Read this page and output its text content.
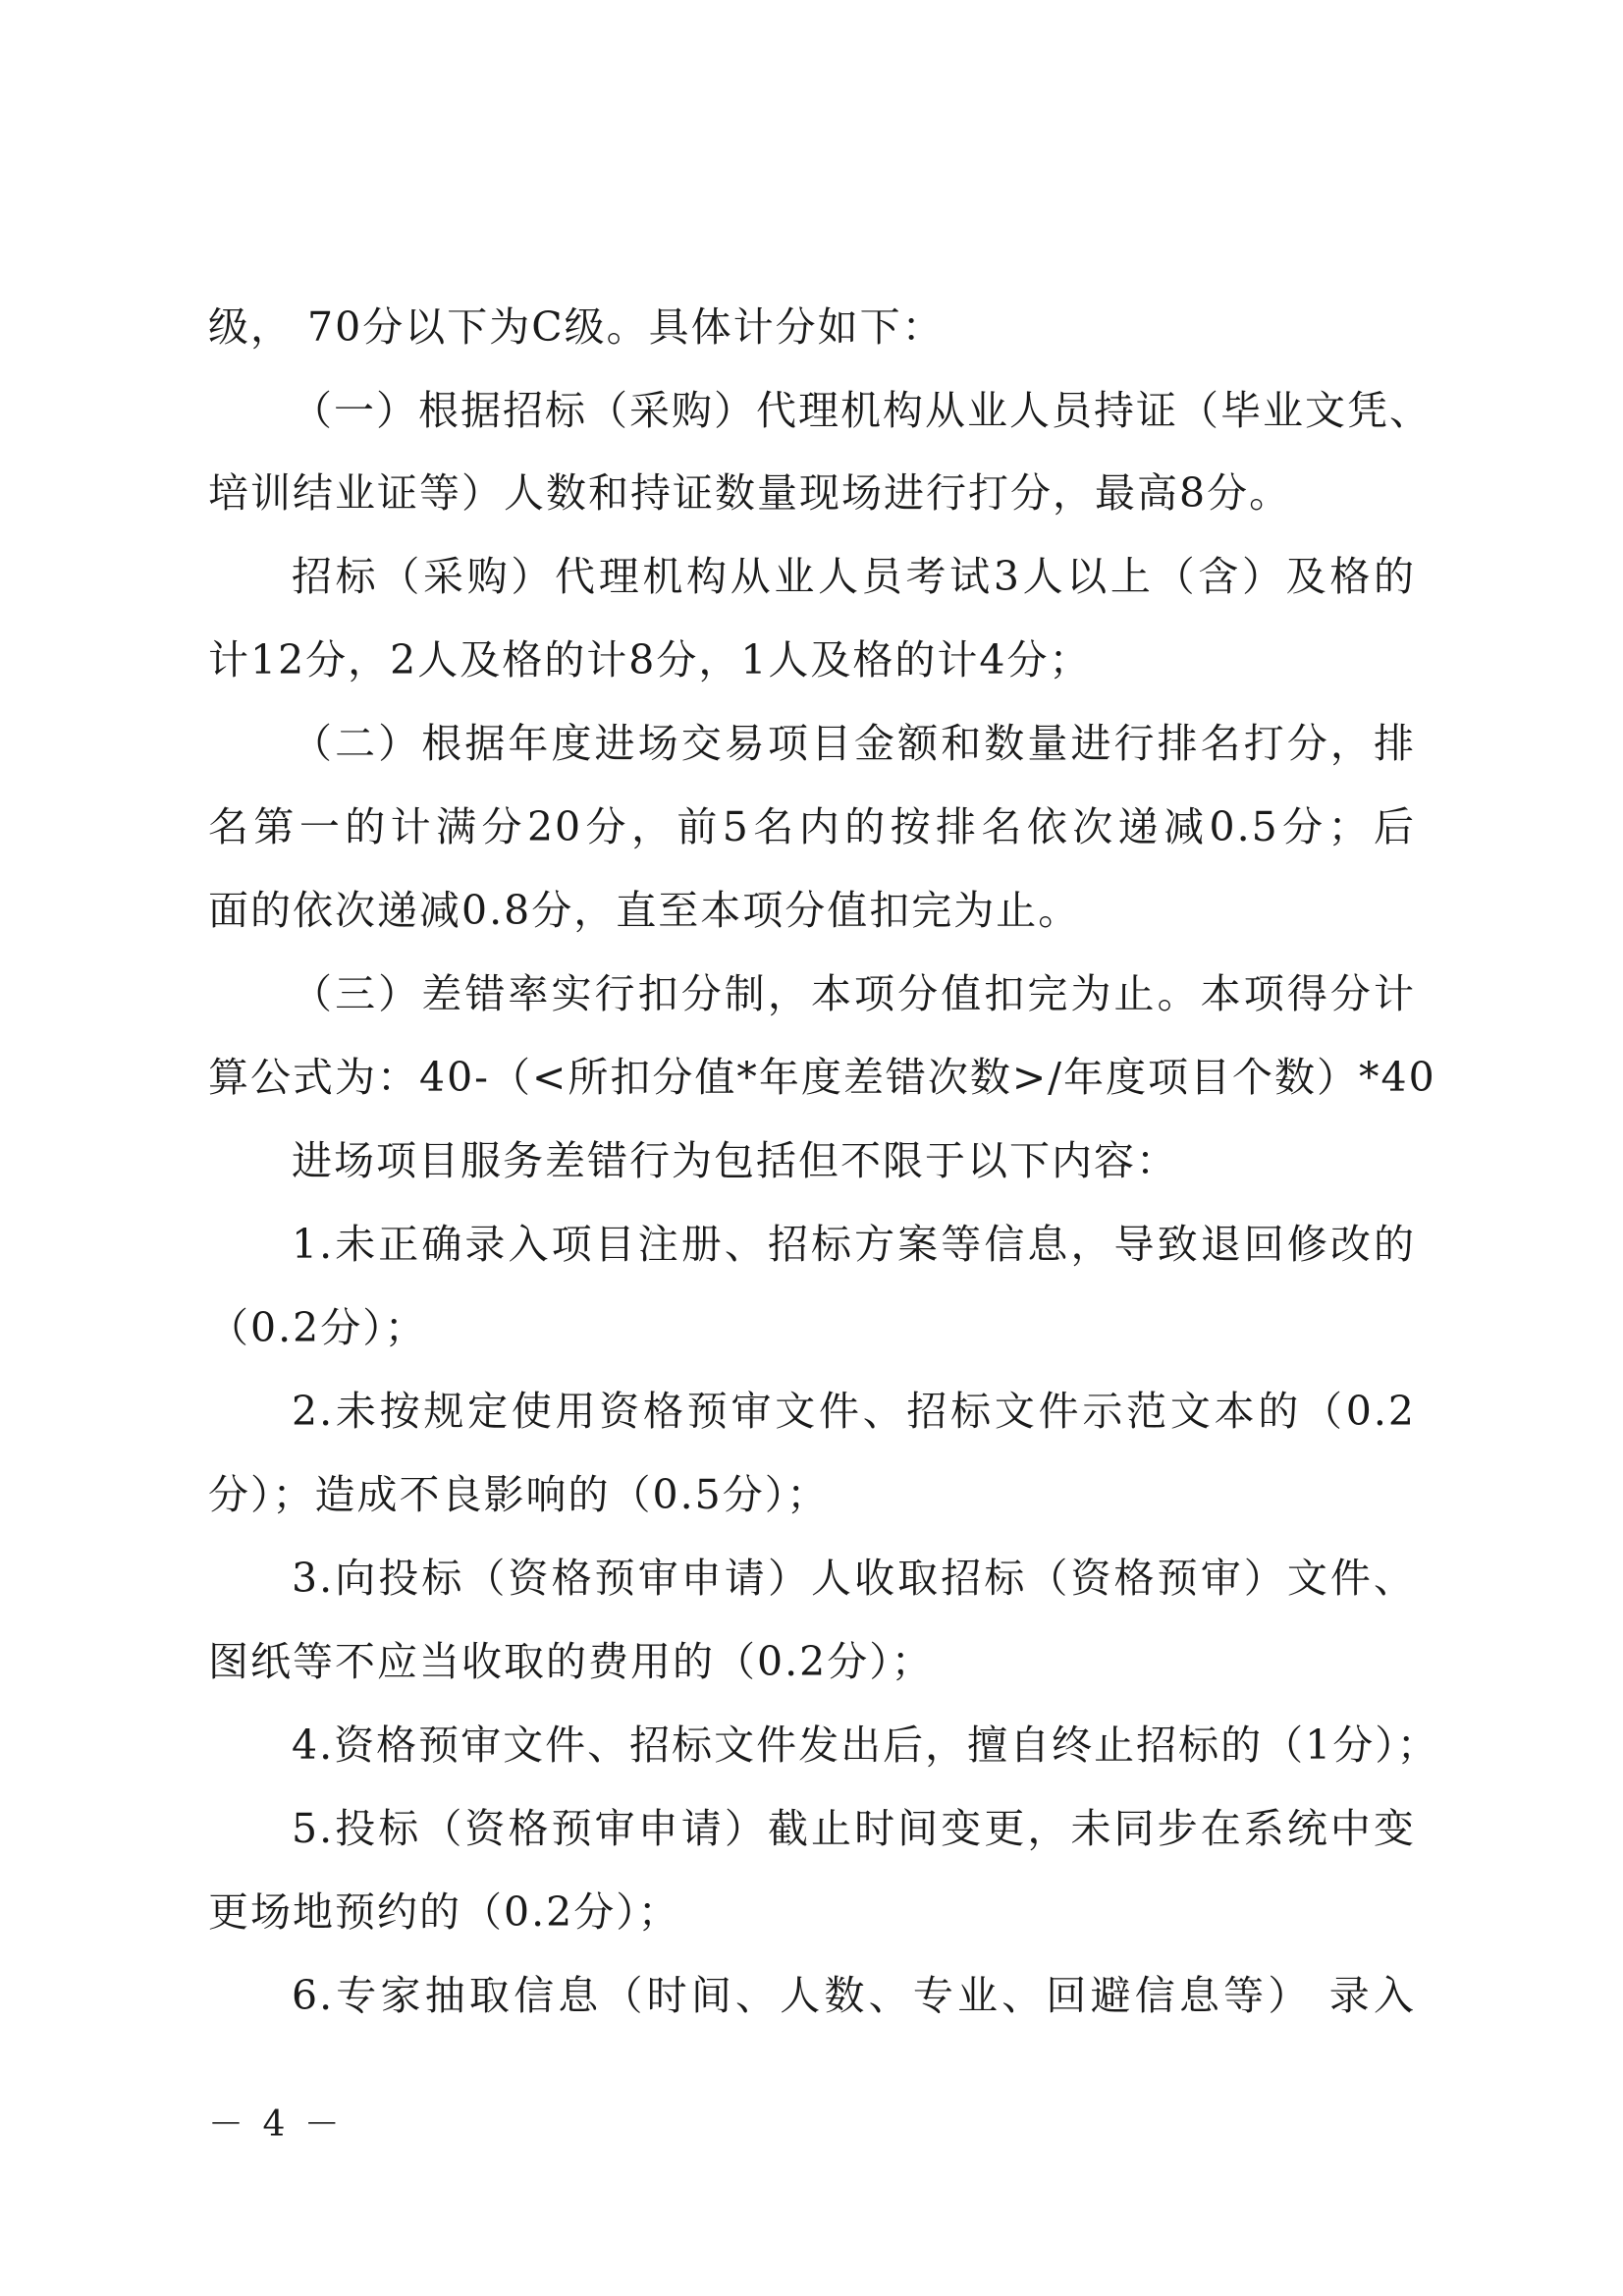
级， 70分以下为C级。具体计分如下：
（一）根据招标（采购）代理机构从业人员持证（毕业文凭、
培训结业证等）人数和持证数量现场进行打分，最高8分。
招标（采购）代理机构从业人员考试3人以上（含）及格的
计12分，2人及格的计8分，1人及格的计4分；
（二）根据年度进场交易项目金额和数量进行排名打分，排
名第一的计满分20分，前5名内的按排名依次递减0.5分；后
面的依次递减0.8分，直至本项分值扣完为止。
（三）差错率实行扣分制，本项分值扣完为止。本项得分计
算公式为：40-（<所扣分值*年度差错次数>/年度项目个数）*40
进场项目服务差错行为包括但不限于以下内容：
1.未正确录入项目注册、招标方案等信息，导致退回修改的
（0.2分）；
2.未按规定使用资格预审文件、招标文件示范文本的（0.2
分）；造成不良影响的（0.5分）；
3.向投标（资格预审申请）人收取招标（资格预审）文件、
图纸等不应当收取的费用的（0.2分）；
4.资格预审文件、招标文件发出后，擅自终止招标的（1分）；
5.投标（资格预审申请）截止时间变更，未同步在系统中变
更场地预约的（0.2分）；
6.专家抽取信息（时间、人数、专业、回避信息等） 录入
－ 4 －
